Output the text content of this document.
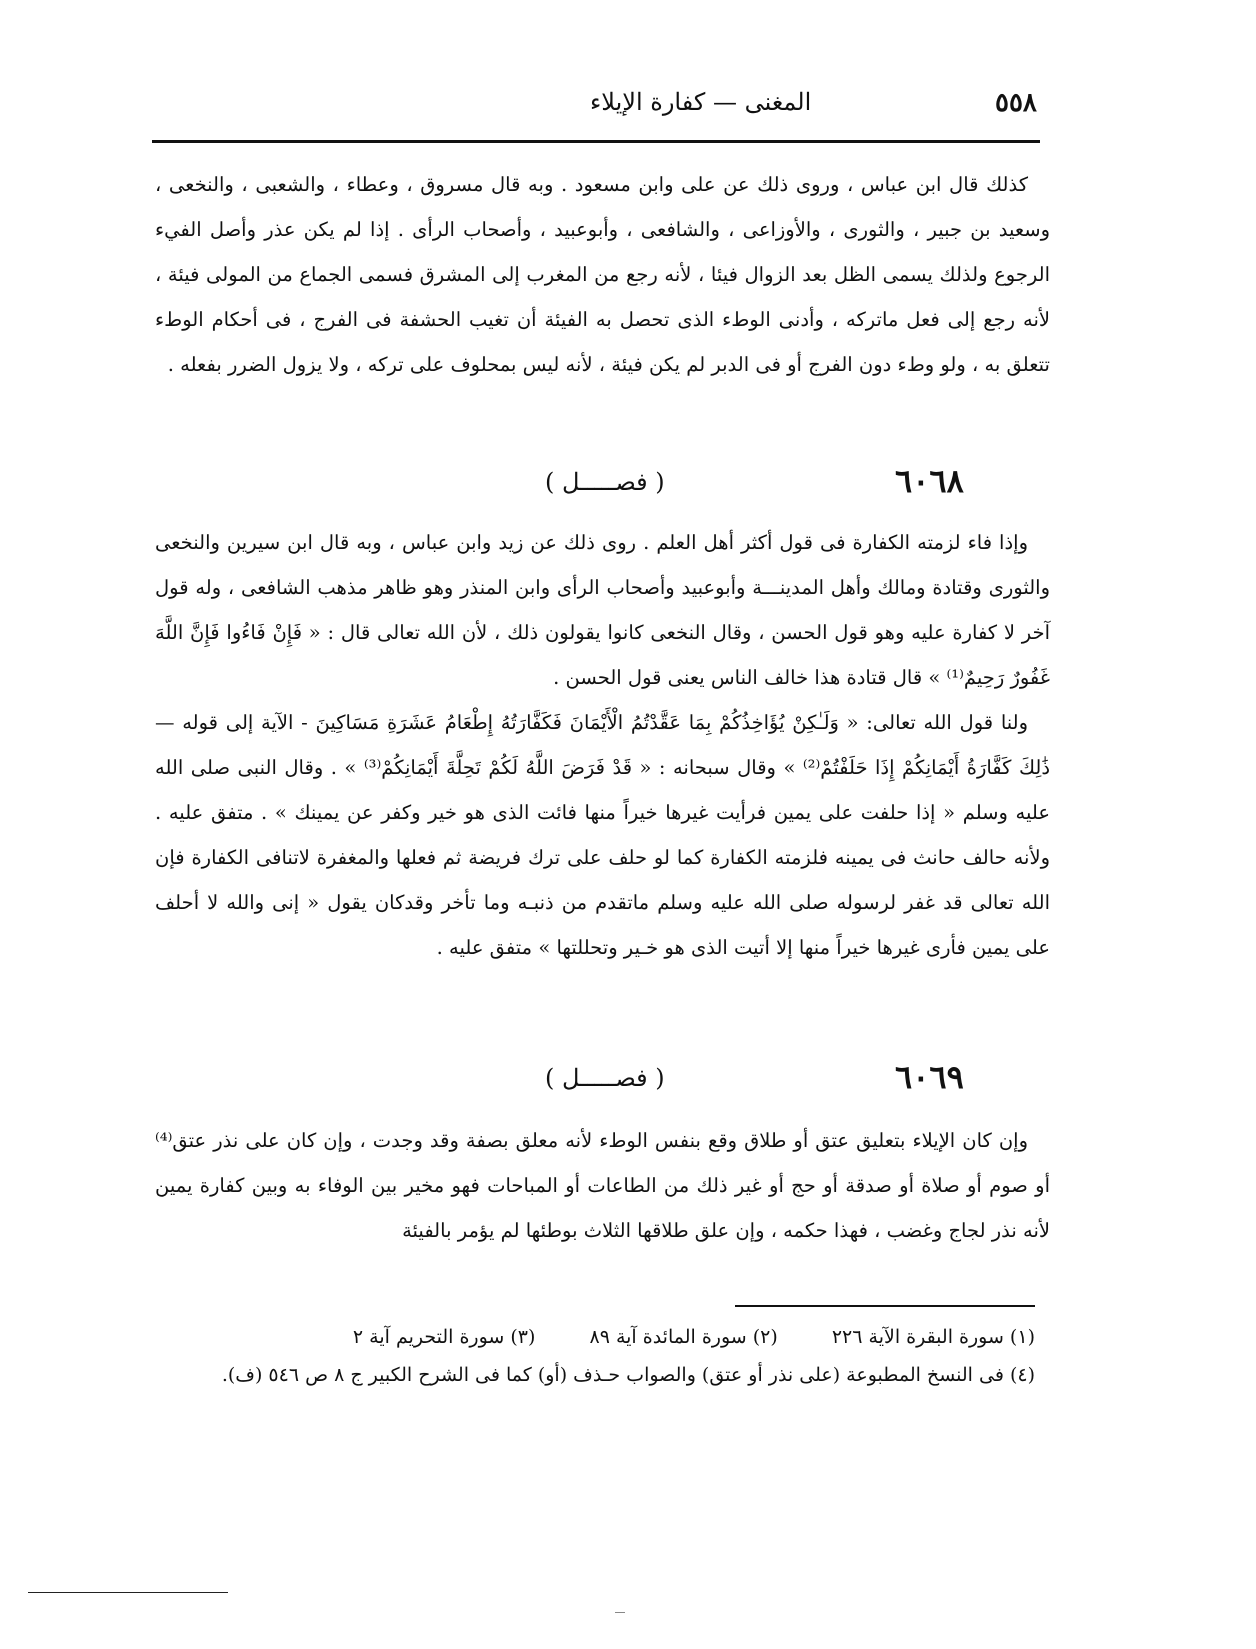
٥٥٨
المغنى — كفارة الإيلاء

كذلك قال ابن عباس ، وروى ذلك عن على وابن مسعود . وبه قال مسروق ، وعطاء ، والشعبى ، والنخعى ، وسعيد بن جبير ، والثورى ، والأوزاعى ، والشافعى ، وأبوعبيد ، وأصحاب الرأى . إذا لم يكن عذر وأصل الفيء الرجوع ولذلك يسمى الظل بعد الزوال فيئا ، لأنه رجع من المغرب إلى المشرق فسمى الجماع من المولى فيئة ، لأنه رجع إلى فعل ماتركه ، وأدنى الوطء الذى تحصل به الفيئة أن تغيب الحشفة فى الفرج ، فى أحكام الوطء تتعلق به ، ولو وطء دون الفرج أو فى الدبر لم يكن فيئة ، لأنه ليس بمحلوف على تركه ، ولا يزول الضرر بفعله .

( فصـــــل )	٦٠٦٨

وإذا فاء لزمته الكفارة فى قول أكثر أهل العلم . روى ذلك عن زيد وابن عباس ، وبه قال ابن سيرين والنخعى والثورى وقتادة ومالك وأهل المدينـــة وأبوعبيد وأصحاب الرأى وابن المنذر وهو ظاهر مذهب الشافعى ، وله قول آخر لا كفارة عليه وهو قول الحسن ، وقال النخعى كانوا يقولون ذلك ، لأن الله تعالى قال : « فَإِنْ فَاءُوا فَإِنَّ اللَّهَ غَفُورٌ رَحِيمٌ⁽¹⁾ » قال قتادة هذا خالف الناس يعنى قول الحسن .

ولنا قول الله تعالى: « وَلَـٰكِنْ يُؤَاخِذُكُمْ بِمَا عَقَّدْتُمُ الْأَيْمَانَ فَكَفَّارَتُهُ إِطْعَامُ عَشَرَةِ مَسَاكِينَ - الآية إلى قوله — ذَٰلِكَ كَفَّارَةُ أَيْمَانِكُمْ إِذَا حَلَفْتُمْ⁽²⁾ » وقال سبحانه : « قَدْ فَرَضَ اللَّهُ لَكُمْ تَحِلَّةَ أَيْمَانِكُمْ⁽³⁾ » . وقال النبى صلى الله عليه وسلم « إذا حلفت على يمين فرأيت غيرها خيراً منها فائت الذى هو خير وكفر عن يمينك » . متفق عليه . ولأنه حالف حانث فى يمينه فلزمته الكفارة كما لو حلف على ترك فريضة ثم فعلها والمغفرة لاتنافى الكفارة فإن الله تعالى قد غفر لرسوله صلى الله عليه وسلم ماتقدم من ذنبـه وما تأخر وقدكان يقول « إنى والله لا أحلف على يمين فأرى غيرها خيراً منها إلا أتيت الذى هو خـير وتحللتها » متفق عليه .

( فصـــــل )	٦٠٦٩

وإن كان الإيلاء بتعليق عتق أو طلاق وقع بنفس الوطء لأنه معلق بصفة وقد وجدت ، وإن كان على نذر عتق⁽⁴⁾ أو صوم أو صلاة أو صدقة أو حج أو غير ذلك من الطاعات أو المباحات فهو مخير بين الوفاء به وبين كفارة يمين لأنه نذر لجاج وغضب ، فهذا حكمه ، وإن علق طلاقها الثلاث بوطئها لم يؤمر بالفيئة

(١) سورة البقرة الآية ٢٢٦ (٢) سورة المائدة آية ٨٩ (٣) سورة التحريم آية ٢
(٤) فى النسخ المطبوعة (على نذر أو عتق) والصواب حـذف (أو) كما فى الشرح الكبير ج ٨ ص ٥٤٦ (ف).
